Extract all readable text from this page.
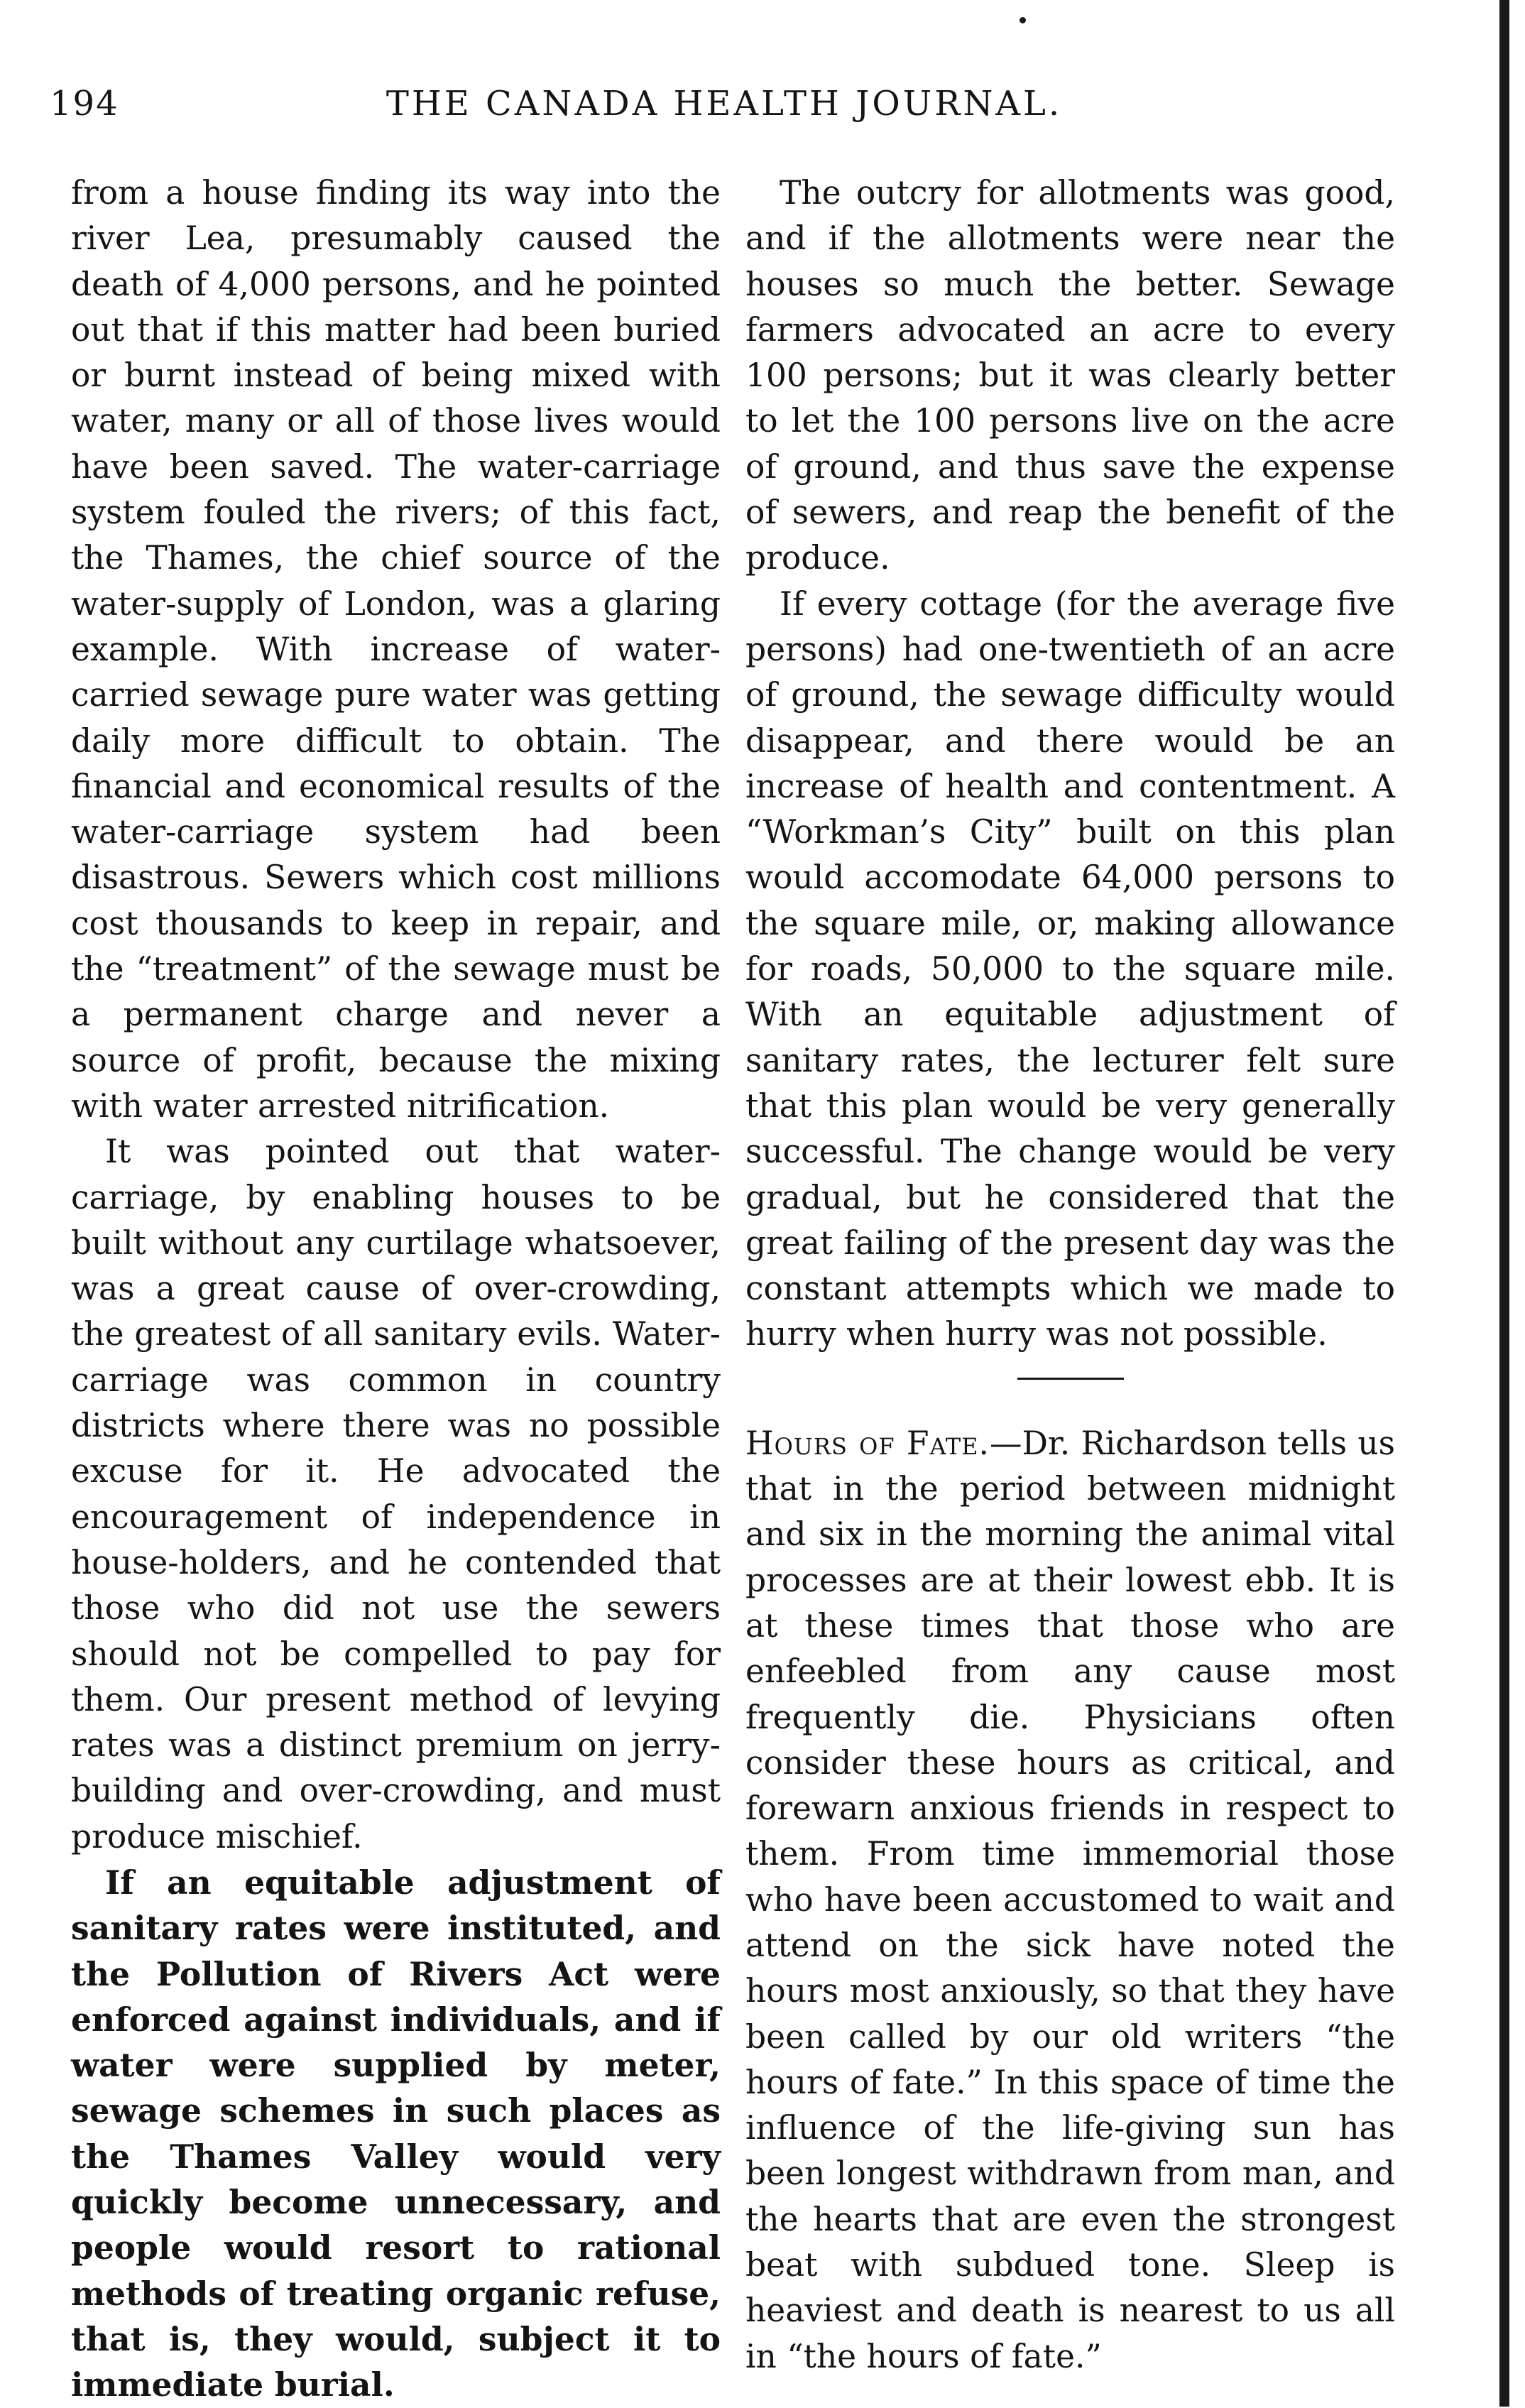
194	THE CANADA HEALTH JOURNAL.

from a house finding its way into the river Lea, presumably caused the death of 4,000 persons, and he pointed out that if this matter had been buried or burnt instead of being mixed with water, many or all of those lives would have been saved. The water-carriage system fouled the rivers; of this fact, the Thames, the chief source of the water-supply of London, was a glaring example. With increase of water-carried sewage pure water was getting daily more difficult to obtain. The financial and economical results of the water-carriage system had been disastrous. Sewers which cost millions cost thousands to keep in repair, and the “treatment” of the sewage must be a permanent charge and never a source of profit, because the mixing with water arrested nitrification.

It was pointed out that water-carriage, by enabling houses to be built without any curtilage whatsoever, was a great cause of over-crowding, the greatest of all sanitary evils. Water-carriage was common in country districts where there was no possible excuse for it. He advocated the encouragement of independence in house-holders, and he contended that those who did not use the sewers should not be compelled to pay for them. Our present method of levying rates was a distinct premium on jerry-building and over-crowding, and must produce mischief.

If an equitable adjustment of sanitary rates were instituted, and the Pollution of Rivers Act were enforced against individuals, and if water were supplied by meter, sewage schemes in such places as the Thames Valley would very quickly become unnecessary, and people would resort to rational methods of treating organic refuse, that is, they would, subject it to immediate burial.

The outcry for allotments was good, and if the allotments were near the houses so much the better. Sewage farmers advocated an acre to every 100 persons; but it was clearly better to let the 100 persons live on the acre of ground, and thus save the expense of sewers, and reap the benefit of the produce.

If every cottage (for the average five persons) had one-twentieth of an acre of ground, the sewage difficulty would disappear, and there would be an increase of health and contentment. A “Workman’s City” built on this plan would accomodate 64,000 persons to the square mile, or, making allowance for roads, 50,000 to the square mile. With an equitable adjustment of sanitary rates, the lecturer felt sure that this plan would be very generally successful. The change would be very gradual, but he considered that the great failing of the present day was the constant attempts which we made to hurry when hurry was not possible.

Hours of Fate.—Dr. Richardson tells us that in the period between midnight and six in the morning the animal vital processes are at their lowest ebb. It is at these times that those who are enfeebled from any cause most frequently die. Physicians often consider these hours as critical, and forewarn anxious friends in respect to them. From time immemorial those who have been accustomed to wait and attend on the sick have noted the hours most anxiously, so that they have been called by our old writers “the hours of fate.” In this space of time the influence of the life-giving sun has been longest withdrawn from man, and the hearts that are even the strongest beat with subdued tone. Sleep is heaviest and death is nearest to us all in “the hours of fate.”
